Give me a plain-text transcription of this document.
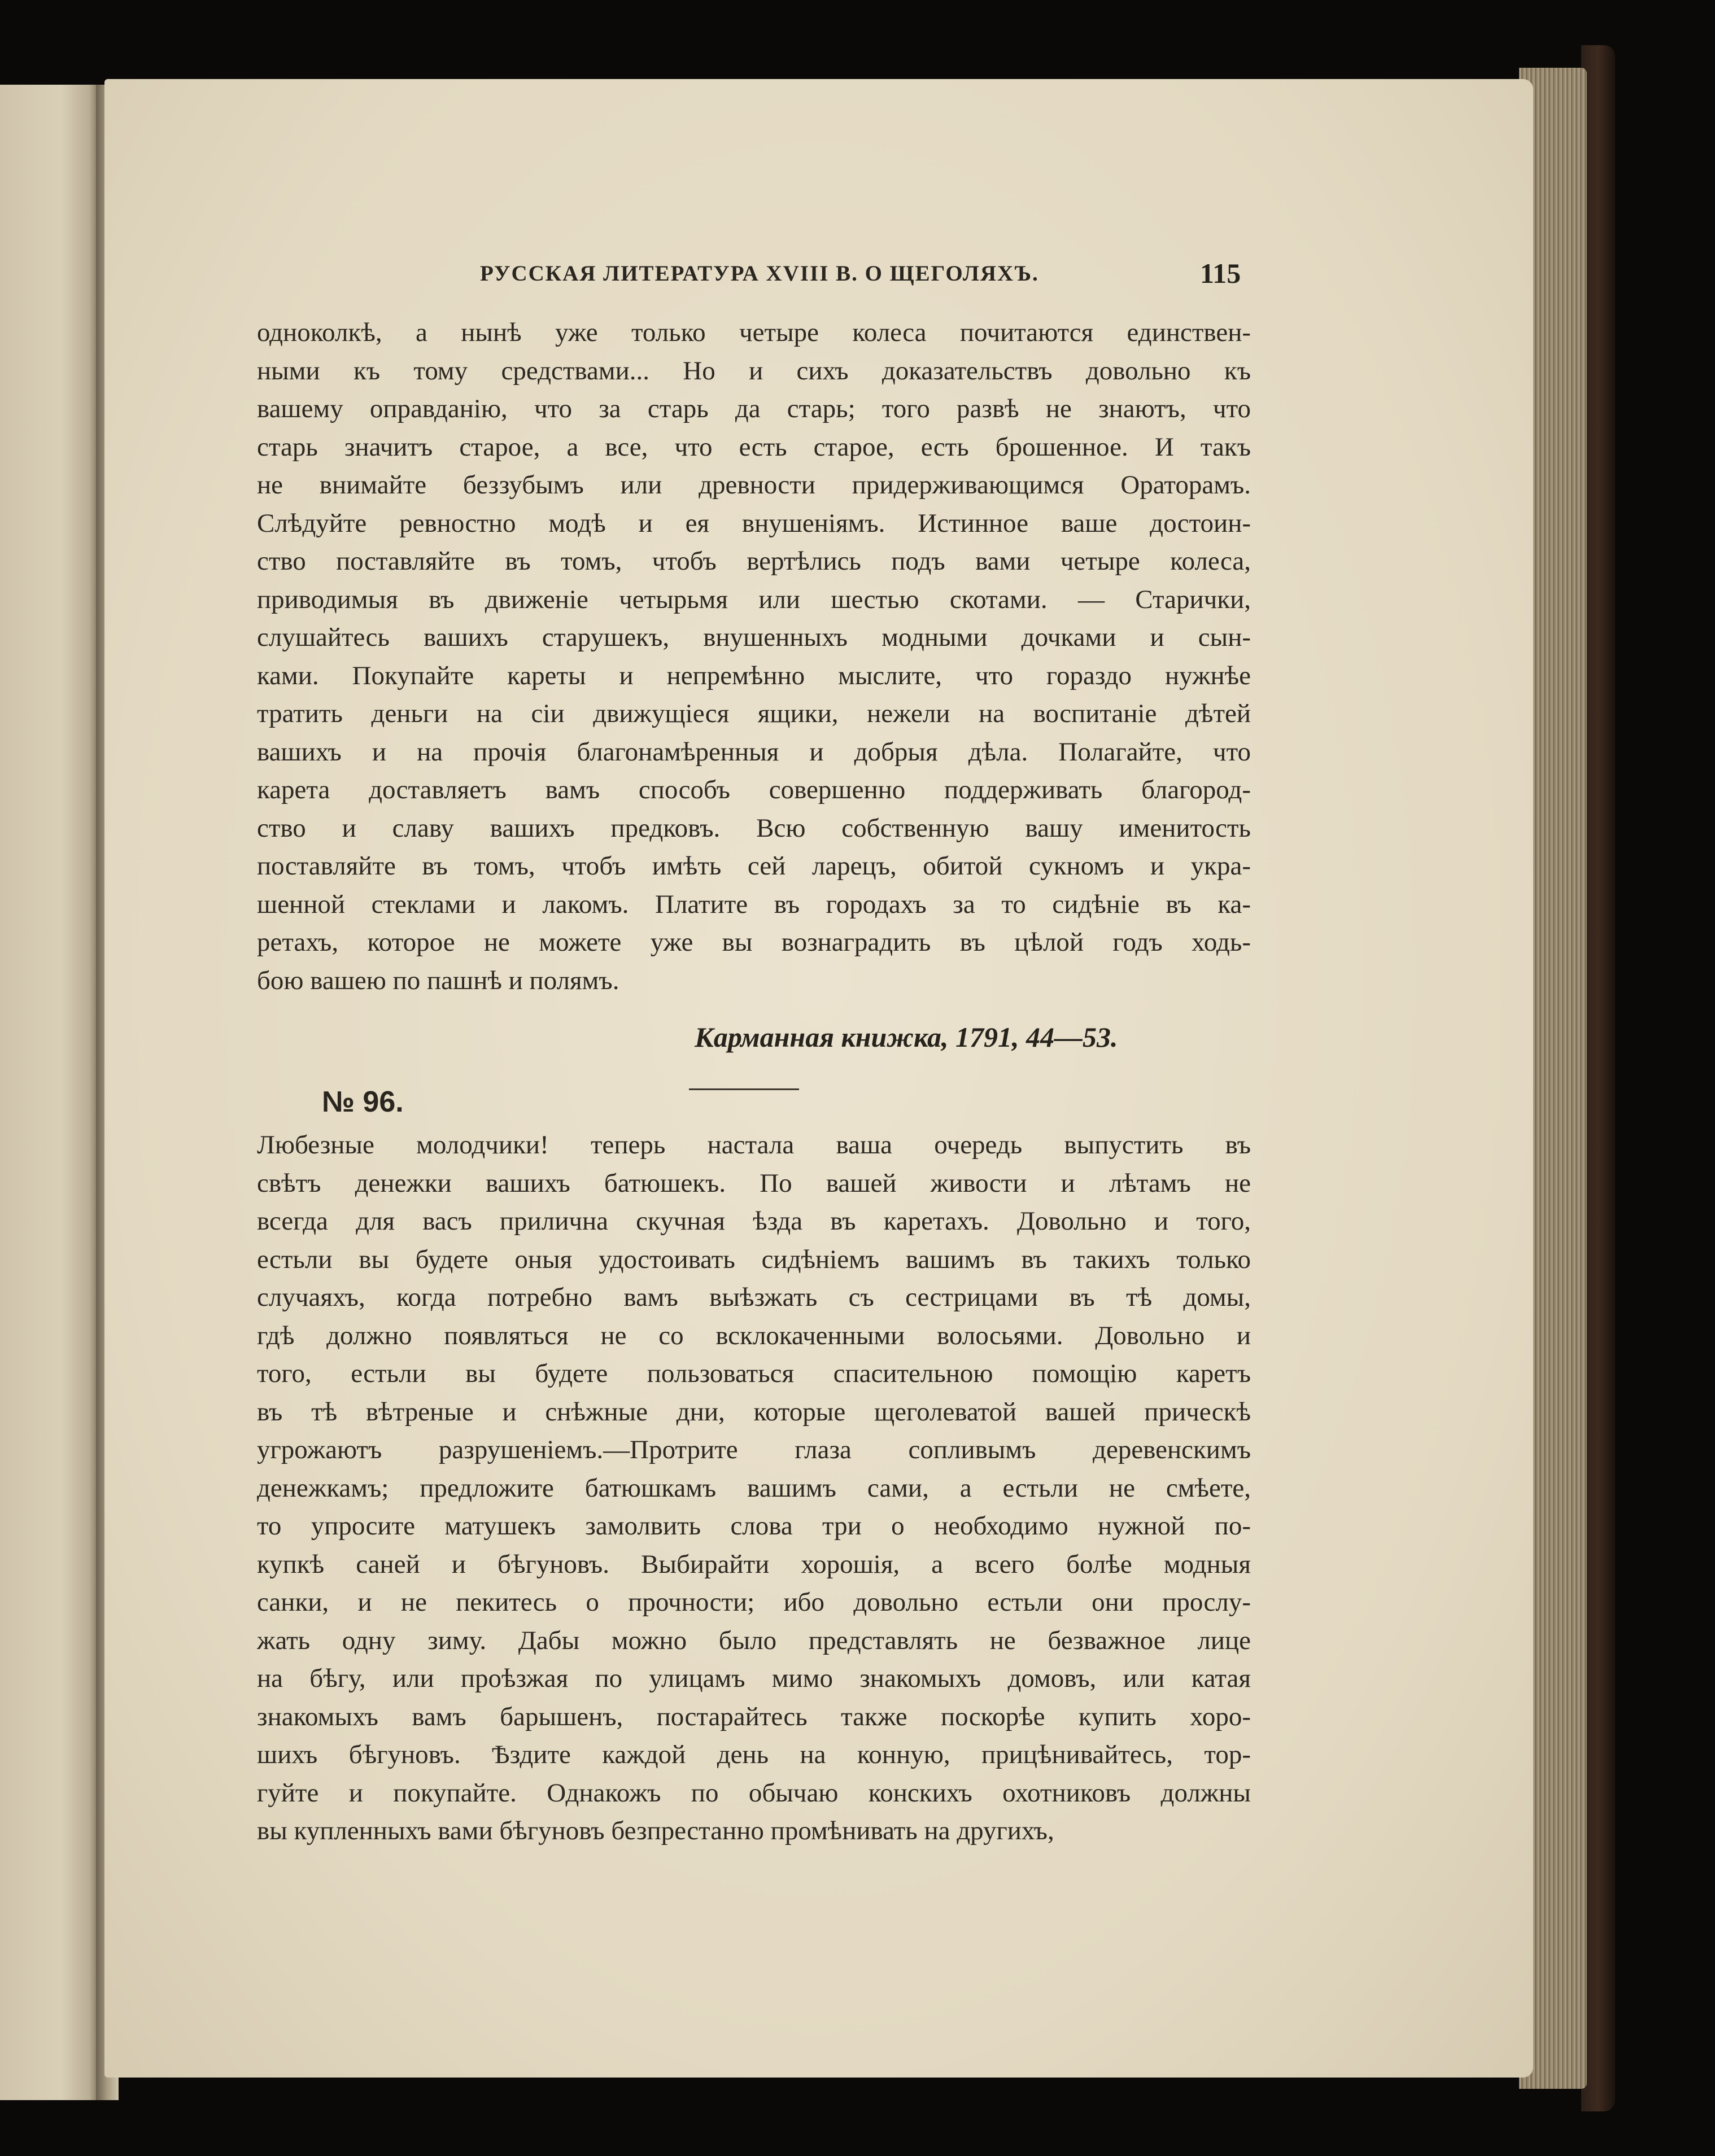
РУССКАЯ ЛИТЕРАТУРА XVIII В. О ЩЕГОЛЯХЪ.	115
одноколкѣ, а нынѣ уже только четыре колеса почитаются единствен-
ными къ тому средствами... Но и сихъ доказательствъ довольно къ
вашему оправданію, что за старь да старь; того развѣ не знаютъ, что
старь значитъ старое, а все, что есть старое, есть брошенное. И такъ
не внимайте беззубымъ или древности придерживающимся Ораторамъ.
Слѣдуйте ревностно модѣ и ея внушеніямъ. Истинное ваше достоин-
ство поставляйте въ томъ, чтобъ вертѣлись подъ вами четыре колеса,
приводимыя въ движеніе четырьмя или шестью скотами. — Старички,
слушайтесь вашихъ старушекъ, внушенныхъ модными дочками и сын-
ками. Покупайте кареты и непремѣнно мыслите, что гораздо нужнѣе
тратить деньги на сіи движущіеся ящики, нежели на воспитаніе дѣтей
вашихъ и на прочія благонамѣренныя и добрыя дѣла. Полагайте, что
карета доставляетъ вамъ способъ совершенно поддерживать благород-
ство и славу вашихъ предковъ. Всю собственную вашу именитость
поставляйте въ томъ, чтобъ имѣть сей ларецъ, обитой сукномъ и укра-
шенной стеклами и лакомъ. Платите въ городахъ за то сидѣніе въ ка-
ретахъ, которое не можете уже вы вознаградить въ цѣлой годъ ходь-
бою вашею по пашнѣ и полямъ.
Карманная книжка, 1791, 44—53.
№ 96.
Любезные молодчики! теперь настала ваша очередь выпустить въ
свѣтъ денежки вашихъ батюшекъ. По вашей живости и лѣтамъ не
всегда для васъ прилична скучная ѣзда въ каретахъ. Довольно и того,
естьли вы будете оныя удостоивать сидѣніемъ вашимъ въ такихъ только
случаяхъ, когда потребно вамъ выѣзжать съ сестрицами въ тѣ домы,
гдѣ должно появляться не со всклокаченными волосьями. Довольно и
того, естьли вы будете пользоваться спасительною помощію каретъ
въ тѣ вѣтреные и снѣжные дни, которые щеголеватой вашей прическѣ
угрожаютъ разрушеніемъ.—Протрите глаза сопливымъ деревенскимъ
денежкамъ; предложите батюшкамъ вашимъ сами, а естьли не смѣете,
то упросите матушекъ замолвить слова три о необходимо нужной по-
купкѣ саней и бѣгуновъ. Выбирайти хорошія, а всего болѣе модныя
санки, и не пекитесь о прочности; ибо довольно естьли они прослу-
жать одну зиму. Дабы можно было представлять не безважное лице
на бѣгу, или проѣзжая по улицамъ мимо знакомыхъ домовъ, или катая
знакомыхъ вамъ барышенъ, постарайтесь также поскорѣе купить хоро-
шихъ бѣгуновъ. Ѣздите каждой день на конную, прицѣнивайтесь, тор-
гуйте и покупайте. Однакожъ по обычаю конскихъ охотниковъ должны
вы купленныхъ вами бѣгуновъ безпрестанно промѣнивать на другихъ,
